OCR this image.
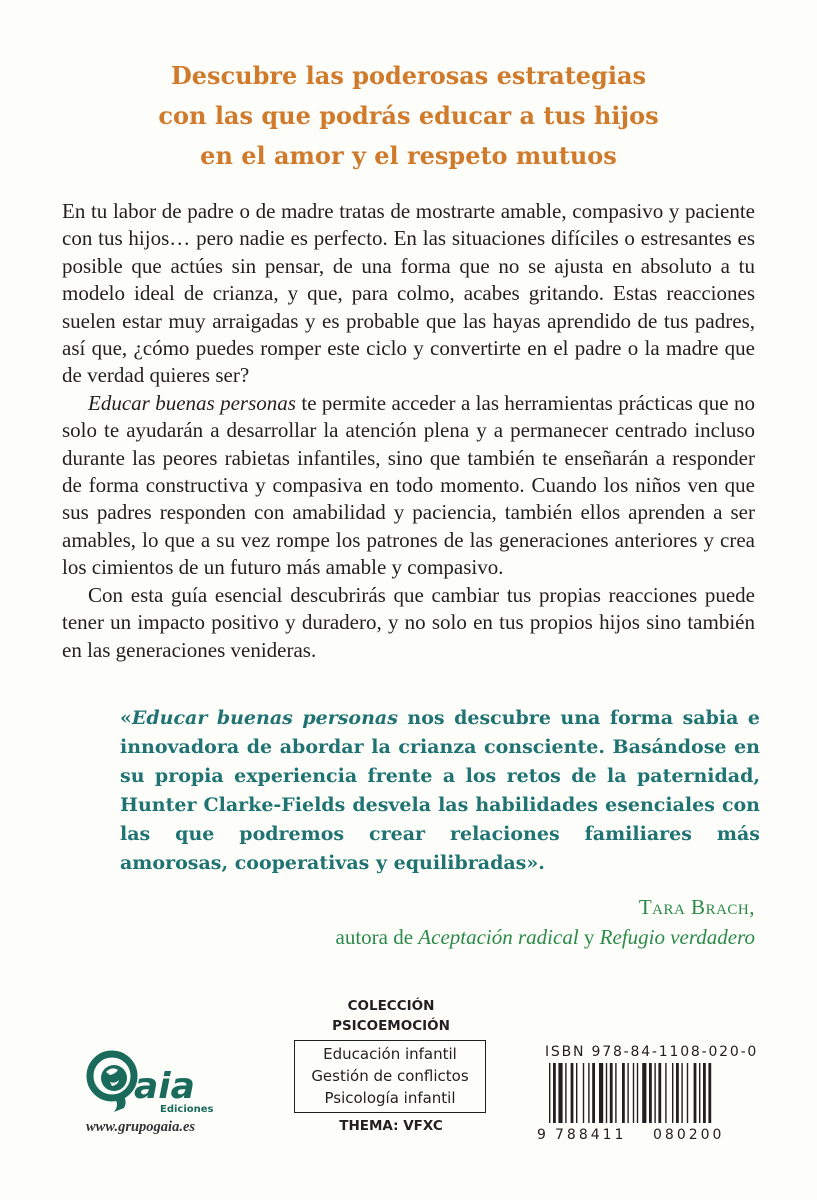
Descubre las poderosas estrategias
con las que podrás educar a tus hijos
en el amor y el respeto mutuos

En tu labor de padre o de madre tratas de mostrarte amable, compasivo y paciente con tus hijos… pero nadie es perfecto. En las situaciones difíciles o estresantes es posible que actúes sin pensar, de una forma que no se ajusta en absoluto a tu modelo ideal de crianza, y que, para colmo, acabes gritando. Estas reacciones suelen estar muy arraigadas y es probable que las hayas aprendido de tus padres, así que, ¿cómo puedes romper este ciclo y convertirte en el padre o la madre que de verdad quieres ser?

Educar buenas personas te permite acceder a las herramientas prácticas que no solo te ayudarán a desarrollar la atención plena y a permanecer centrado incluso durante las peores rabietas infantiles, sino que también te enseñarán a responder de forma constructiva y compasiva en todo momento. Cuando los niños ven que sus padres responden con amabilidad y paciencia, también ellos aprenden a ser amables, lo que a su vez rompe los patrones de las generaciones anteriores y crea los cimientos de un futuro más amable y compasivo.

Con esta guía esencial descubrirás que cambiar tus propias reacciones puede tener un impacto positivo y duradero, y no solo en tus propios hijos sino también en las generaciones venideras.

«Educar buenas personas nos descubre una forma sabia e innovadora de abordar la crianza consciente. Basándose en su propia experiencia frente a los retos de la paternidad, Hunter Clarke-Fields desvela las habilidades esenciales con las que podremos crear relaciones familiares más amorosas, cooperativas y equilibradas».
Tara Brach,
autora de Aceptación radical y Refugio verdadero
aia
Ediciones
www.grupogaia.es
COLECCIÓN
PSICOEMOCIÓN
Educación infantil
Gestión de conflictos
Psicología infantil
THEMA: VFXC
ISBN 978-84-1108-020-0
9 788411 080200
